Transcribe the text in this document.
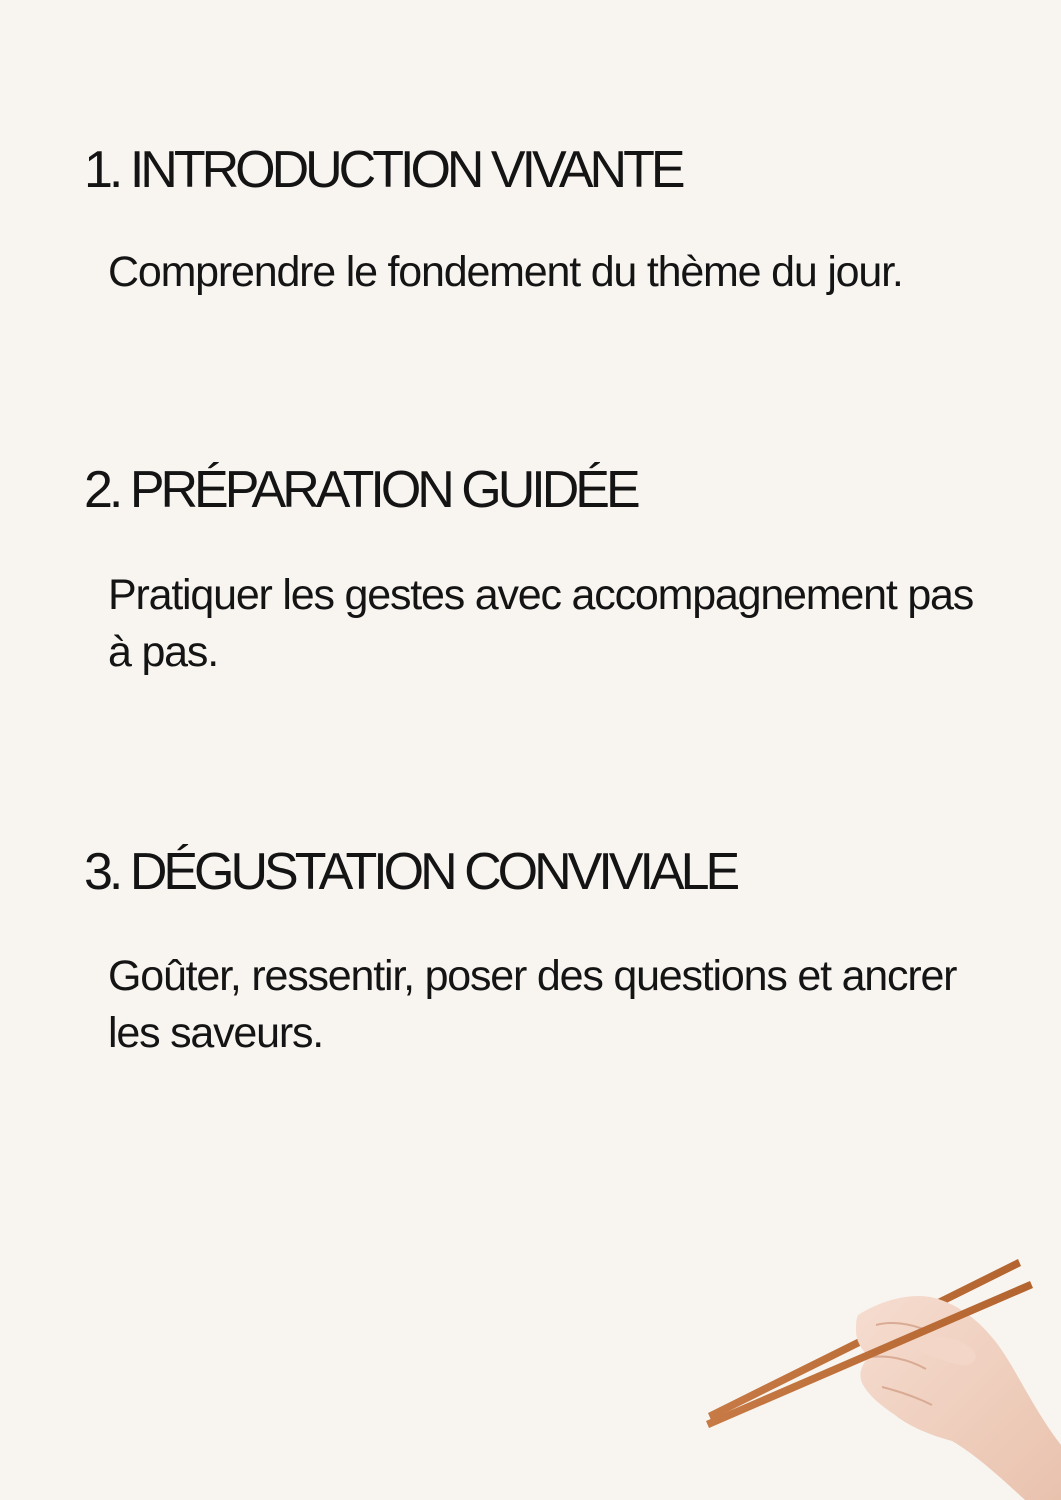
1. INTRODUCTION VIVANTE

Comprendre le fondement du thème du jour.

2. PRÉPARATION GUIDÉE

Pratiquer les gestes avec accompagnement pas à pas.

3. DÉGUSTATION CONVIVIALE

Goûter, ressentir, poser des questions et ancrer les saveurs.
